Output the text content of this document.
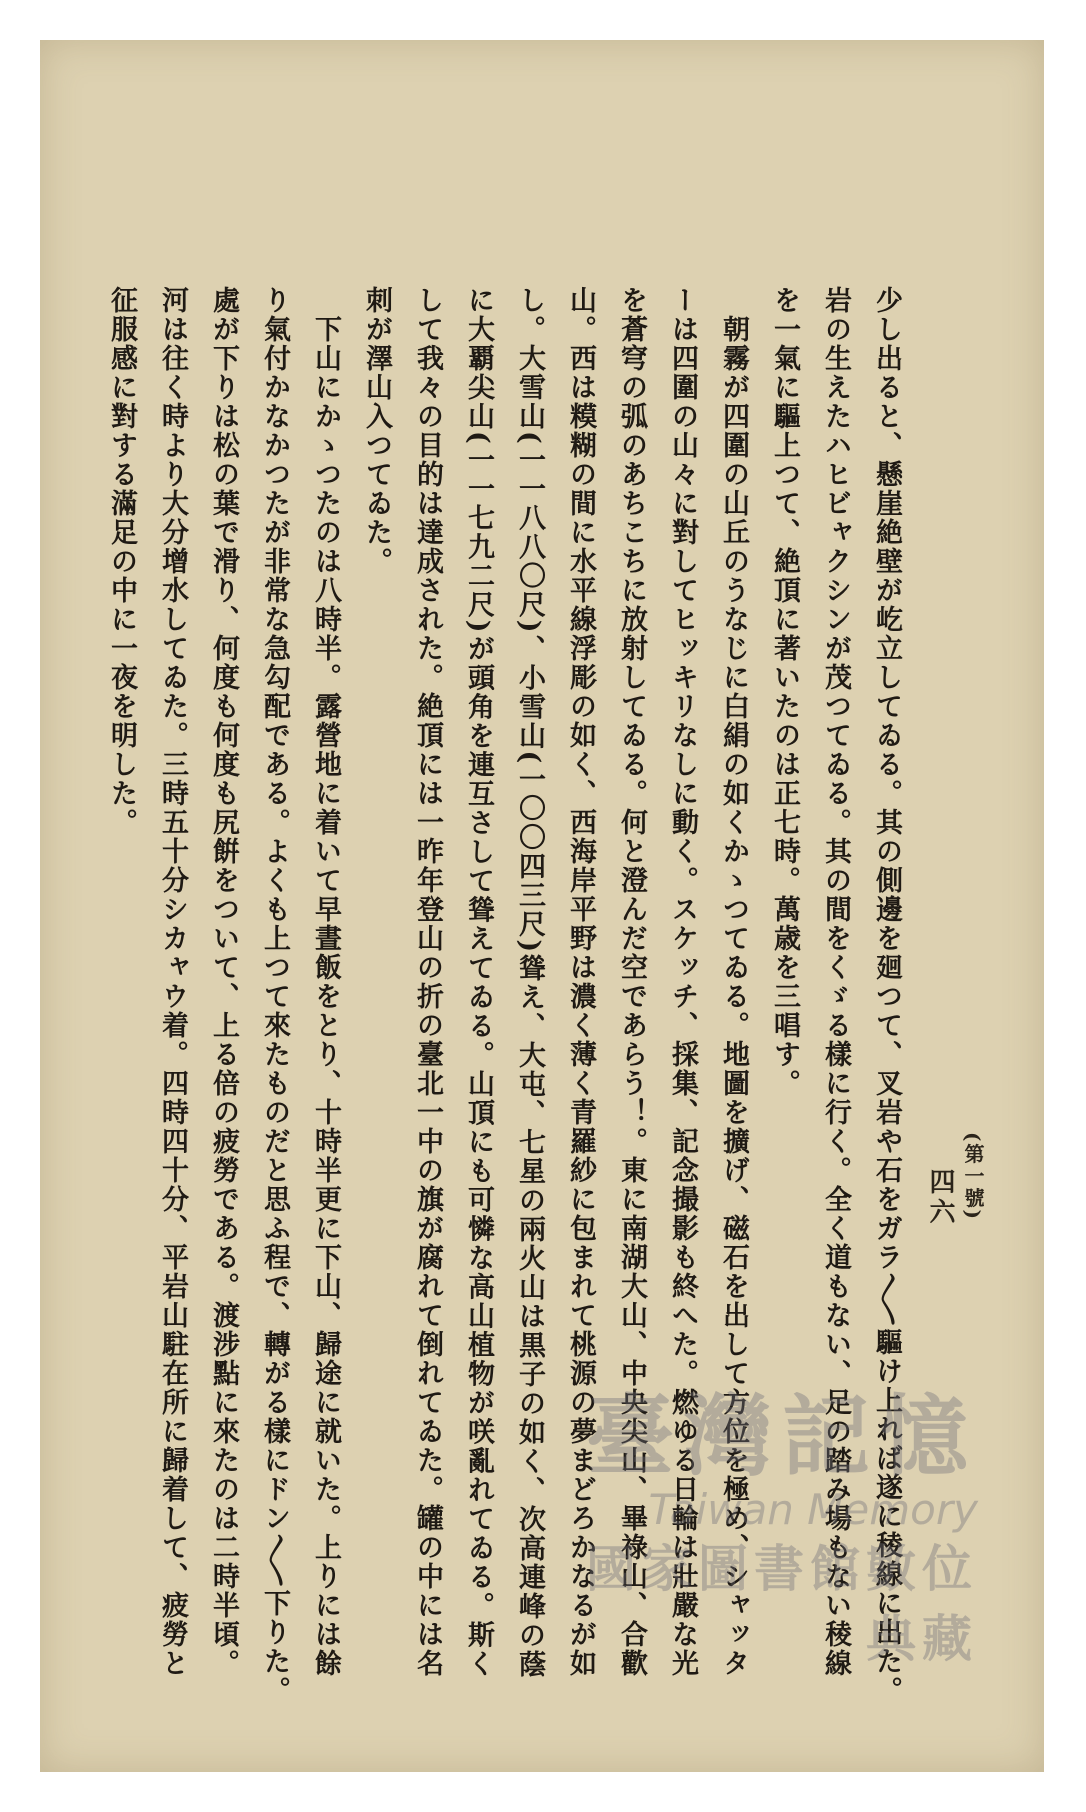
(第一號)
四六

少し出ると、懸崖絶壁が屹立してゐる。其の側邊を廻つて、叉岩や石をガラ〳〵驅け上れば遂に稜線に出た。

岩の生えたハヒビャクシンが茂つてゐる。其の間をくゞる樣に行く。全く道もない、足の踏み場もない稜線
を一氣に驅上つて、絶頂に著いたのは正七時。萬歳を三唱す。

　朝霧が四圍の山丘のうなじに白絹の如くかゝつてゐる。地圖を擴げ、磁石を出して方位を極め、シャッタ
ーは四圍の山々に對してヒッキリなしに動く。スケッチ、採集、記念撮影も終へた。燃ゆる日輪は壯嚴な光
を蒼穹の弧のあちこちに放射してゐる。何と澄んだ空であらう！。東に南湖大山、中央尖山、畢祿山、合歡
山。西は糢糊の間に水平線浮彫の如く、西海岸平野は濃く薄く青羅紗に包まれて桃源の夢まどろかなるが如
し。大雪山(一一八八〇尺)、小雪山(一〇〇四三尺)聳え、大屯、七星の兩火山は黒子の如く、次高連峰の蔭
に大覇尖山(一一七九二尺)が頭角を連互さして聳えてゐる。山頂にも可憐な高山植物が咲亂れてゐる。斯く
して我々の目的は達成された。絶頂には一昨年登山の折の臺北一中の旗が腐れて倒れてゐた。罐の中には名
刺が澤山入つてゐた。

　下山にかゝつたのは八時半。露營地に着いて早晝飯をとり、十時半更に下山、歸途に就いた。上りには餘
り氣付かなかつたが非常な急勾配である。よくも上つて來たものだと思ふ程で、轉がる樣にドン〳〵下りた。
處が下りは松の葉で滑り、何度も何度も尻餠をついて、上る倍の疲勞である。渡涉點に來たのは二時半頃。
河は往く時より大分增水してゐた。三時五十分シカャウ着。四時四十分、平岩山駐在所に歸着して、疲勞と
征服感に對する滿足の中に一夜を明した。

臺灣記憶
Taiwan Memory
國家圖書館數位典藏
